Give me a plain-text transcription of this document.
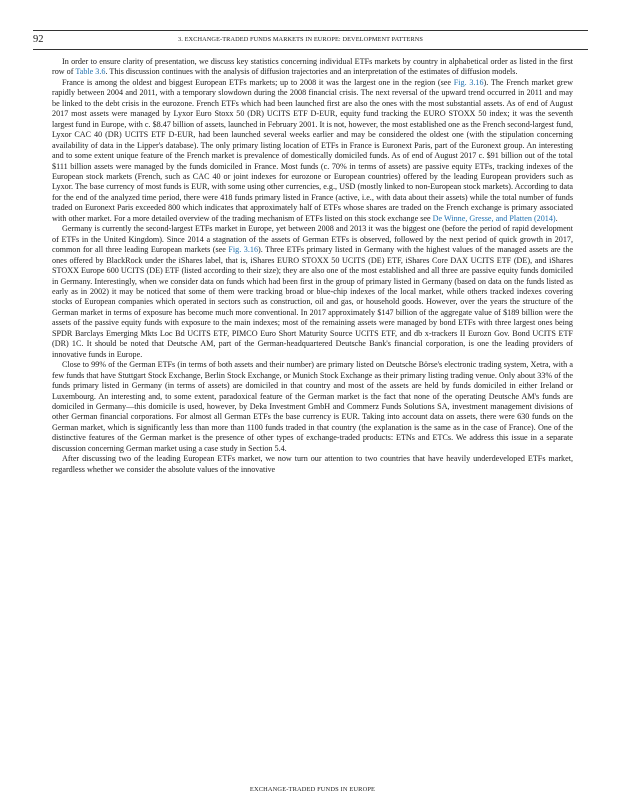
92	3. EXCHANGE-TRADED FUNDS MARKETS IN EUROPE: DEVELOPMENT PATTERNS

In order to ensure clarity of presentation, we discuss key statistics concerning individual ETFs markets by country in alphabetical order as listed in the first row of Table 3.6. This discussion continues with the analysis of diffusion trajectories and an interpretation of the estimates of diffusion models.

France is among the oldest and biggest European ETFs markets; up to 2008 it was the largest one in the region (see Fig. 3.16). The French market grew rapidly between 2004 and 2011, with a temporary slowdown during the 2008 financial crisis. The next reversal of the upward trend occurred in 2011 and may be linked to the debt crisis in the eurozone. French ETFs which had been launched first are also the ones with the most substantial assets. As of end of August 2017 most assets were managed by Lyxor Euro Stoxx 50 (DR) UCITS ETF D-EUR, equity fund tracking the EURO STOXX 50 index; it was the seventh largest fund in Europe, with c. $8.47 billion of assets, launched in February 2001. It is not, however, the most established one as the French second-largest fund, Lyxor CAC 40 (DR) UCITS ETF D-EUR, had been launched several weeks earlier and may be considered the oldest one (with the stipulation concerning availability of data in the Lipper's database). The only primary listing location of ETFs in France is Euronext Paris, part of the Euronext group. An interesting and to some extent unique feature of the French market is prevalence of domestically domiciled funds. As of end of August 2017 c. $91 billion out of the total $111 billion assets were managed by the funds domiciled in France. Most funds (c. 70% in terms of assets) are passive equity ETFs, tracking indexes of the European stock markets (French, such as CAC 40 or joint indexes for eurozone or European countries) offered by the leading European providers such as Lyxor. The base currency of most funds is EUR, with some using other currencies, e.g., USD (mostly linked to non-European stock markets). According to data for the end of the analyzed time period, there were 418 funds primary listed in France (active, i.e., with data about their assets) while the total number of funds traded on Euronext Paris exceeded 800 which indicates that approximately half of ETFs whose shares are traded on the French exchange is primary associated with other market. For a more detailed overview of the trading mechanism of ETFs listed on this stock exchange see De Winne, Gresse, and Platten (2014).

Germany is currently the second-largest ETFs market in Europe, yet between 2008 and 2013 it was the biggest one (before the period of rapid development of ETFs in the United Kingdom). Since 2014 a stagnation of the assets of German ETFs is observed, followed by the next period of quick growth in 2017, common for all three leading European markets (see Fig. 3.16). Three ETFs primary listed in Germany with the highest values of the managed assets are the ones offered by BlackRock under the iShares label, that is, iShares EURO STOXX 50 UCITS (DE) ETF, iShares Core DAX UCITS ETF (DE), and iShares STOXX Europe 600 UCITS (DE) ETF (listed according to their size); they are also one of the most established and all three are passive equity funds domiciled in Germany. Interestingly, when we consider data on funds which had been first in the group of primary listed in Germany (based on data on the funds listed as early as in 2002) it may be noticed that some of them were tracking broad or blue-chip indexes of the local market, while others tracked indexes covering stocks of European companies which operated in sectors such as construction, oil and gas, or household goods. However, over the years the structure of the German market in terms of exposure has become much more conventional. In 2017 approximately $147 billion of the aggregate value of $189 billion were the assets of the passive equity funds with exposure to the main indexes; most of the remaining assets were managed by bond ETFs with three largest ones being SPDR Barclays Emerging Mkts Loc Bd UCITS ETF, PIMCO Euro Short Maturity Source UCITS ETF, and db x-trackers II Eurozn Gov. Bond UCITS ETF (DR) 1C. It should be noted that Deutsche AM, part of the German-headquartered Deutsche Bank's financial corporation, is one the leading providers of innovative funds in Europe.

Close to 99% of the German ETFs (in terms of both assets and their number) are primary listed on Deutsche Börse's electronic trading system, Xetra, with a few funds that have Stuttgart Stock Exchange, Berlin Stock Exchange, or Munich Stock Exchange as their primary listing trading venue. Only about 33% of the funds primary listed in Germany (in terms of assets) are domiciled in that country and most of the assets are held by funds domiciled in either Ireland or Luxembourg. An interesting and, to some extent, paradoxical feature of the German market is the fact that none of the operating Deutsche AM's funds are domiciled in Germany—this domicile is used, however, by Deka Investment GmbH and Commerz Funds Solutions SA, investment management divisions of other German financial corporations. For almost all German ETFs the base currency is EUR. Taking into account data on assets, there were 630 funds on the German market, which is significantly less than more than 1100 funds traded in that country (the explanation is the same as in the case of France). One of the distinctive features of the German market is the presence of other types of exchange-traded products: ETNs and ETCs. We address this issue in a separate discussion concerning German market using a case study in Section 5.4.

After discussing two of the leading European ETFs market, we now turn our attention to two countries that have heavily underdeveloped ETFs market, regardless whether we consider the absolute values of the innovative

EXCHANGE-TRADED FUNDS IN EUROPE
